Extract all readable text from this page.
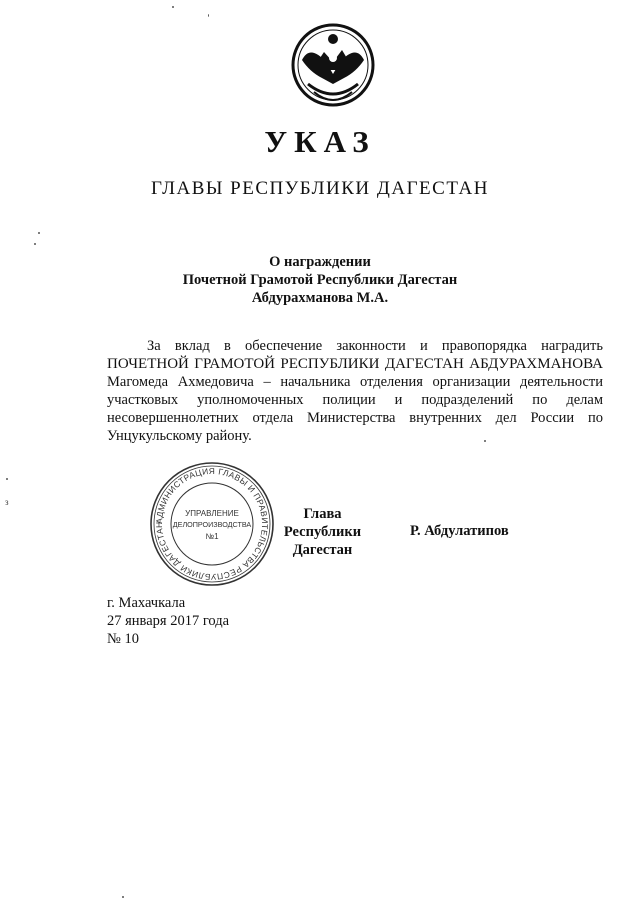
УКАЗ
ГЛАВЫ РЕСПУБЛИКИ ДАГЕСТАН
О награждении
Почетной Грамотой Республики Дагестан
Абдурахманова М.А.
За вклад в обеспечение законности и правопорядка наградить
ПОЧЕТНОЙ ГРАМОТОЙ РЕСПУБЛИКИ ДАГЕСТАН АБДУРАХМАНОВА
Магомеда Ахмедовича – начальника отделения организации деятельности
участковых уполномоченных полиции и подразделений по делам
несовершеннолетних отдела Министерства внутренних дел России по
Унцукульскому району.
АДМИНИСТРАЦИЯ ГЛАВЫ И ПРАВИТЕЛЬСТВА РЕСПУБЛИКИ ДАГЕСТАН
УПРАВЛЕНИЕ
ДЕЛОПРОИЗВОДСТВА
№1
Глава
Республики Дагестан
Р. Абдулатипов
г. Махачкала
27 января 2017 года
№ 10
з
